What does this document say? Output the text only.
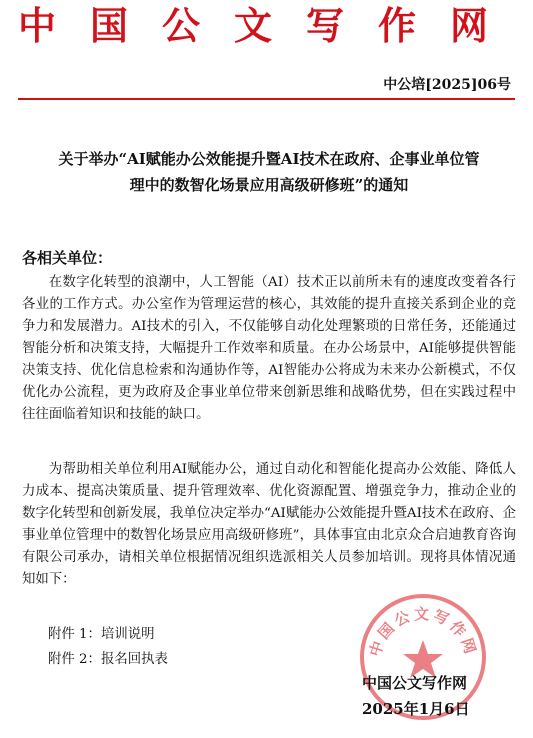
中 国 公 文 写 作 网
中公培[2025]06号
关于举办“AI赋能办公效能提升暨AI技术在政府、企事业单位管
理中的数智化场景应用高级研修班”的通知
各相关单位：

在数字化转型的浪潮中，人工智能（AI）技术正以前所未有的速度改变着各行各业的工作方式。办公室作为管理运营的核心，其效能的提升直接关系到企业的竞争力和发展潜力。AI技术的引入，不仅能够自动化处理繁琐的日常任务，还能通过智能分析和决策支持，大幅提升工作效率和质量。在办公场景中，AI能够提供智能决策支持、优化信息检索和沟通协作等，AI智能办公将成为未来办公新模式，不仅优化办公流程，更为政府及企事业单位带来创新思维和战略优势，但在实践过程中往往面临着知识和技能的缺口。

为帮助相关单位利用AI赋能办公，通过自动化和智能化提高办公效能、降低人力成本、提高决策质量、提升管理效率、优化资源配置、增强竞争力，推动企业的数字化转型和创新发展，我单位决定举办“AI赋能办公效能提升暨AI技术在政府、企事业单位管理中的数智化场景应用高级研修班”，具体事宜由北京众合启迪教育咨询有限公司承办，请相关单位根据情况组织选派相关人员参加培训。现将具体情况通知如下：

附件 1：培训说明
附件 2：报名回执表
中国公文写作网
中国公文写作网
2025年1月6日
